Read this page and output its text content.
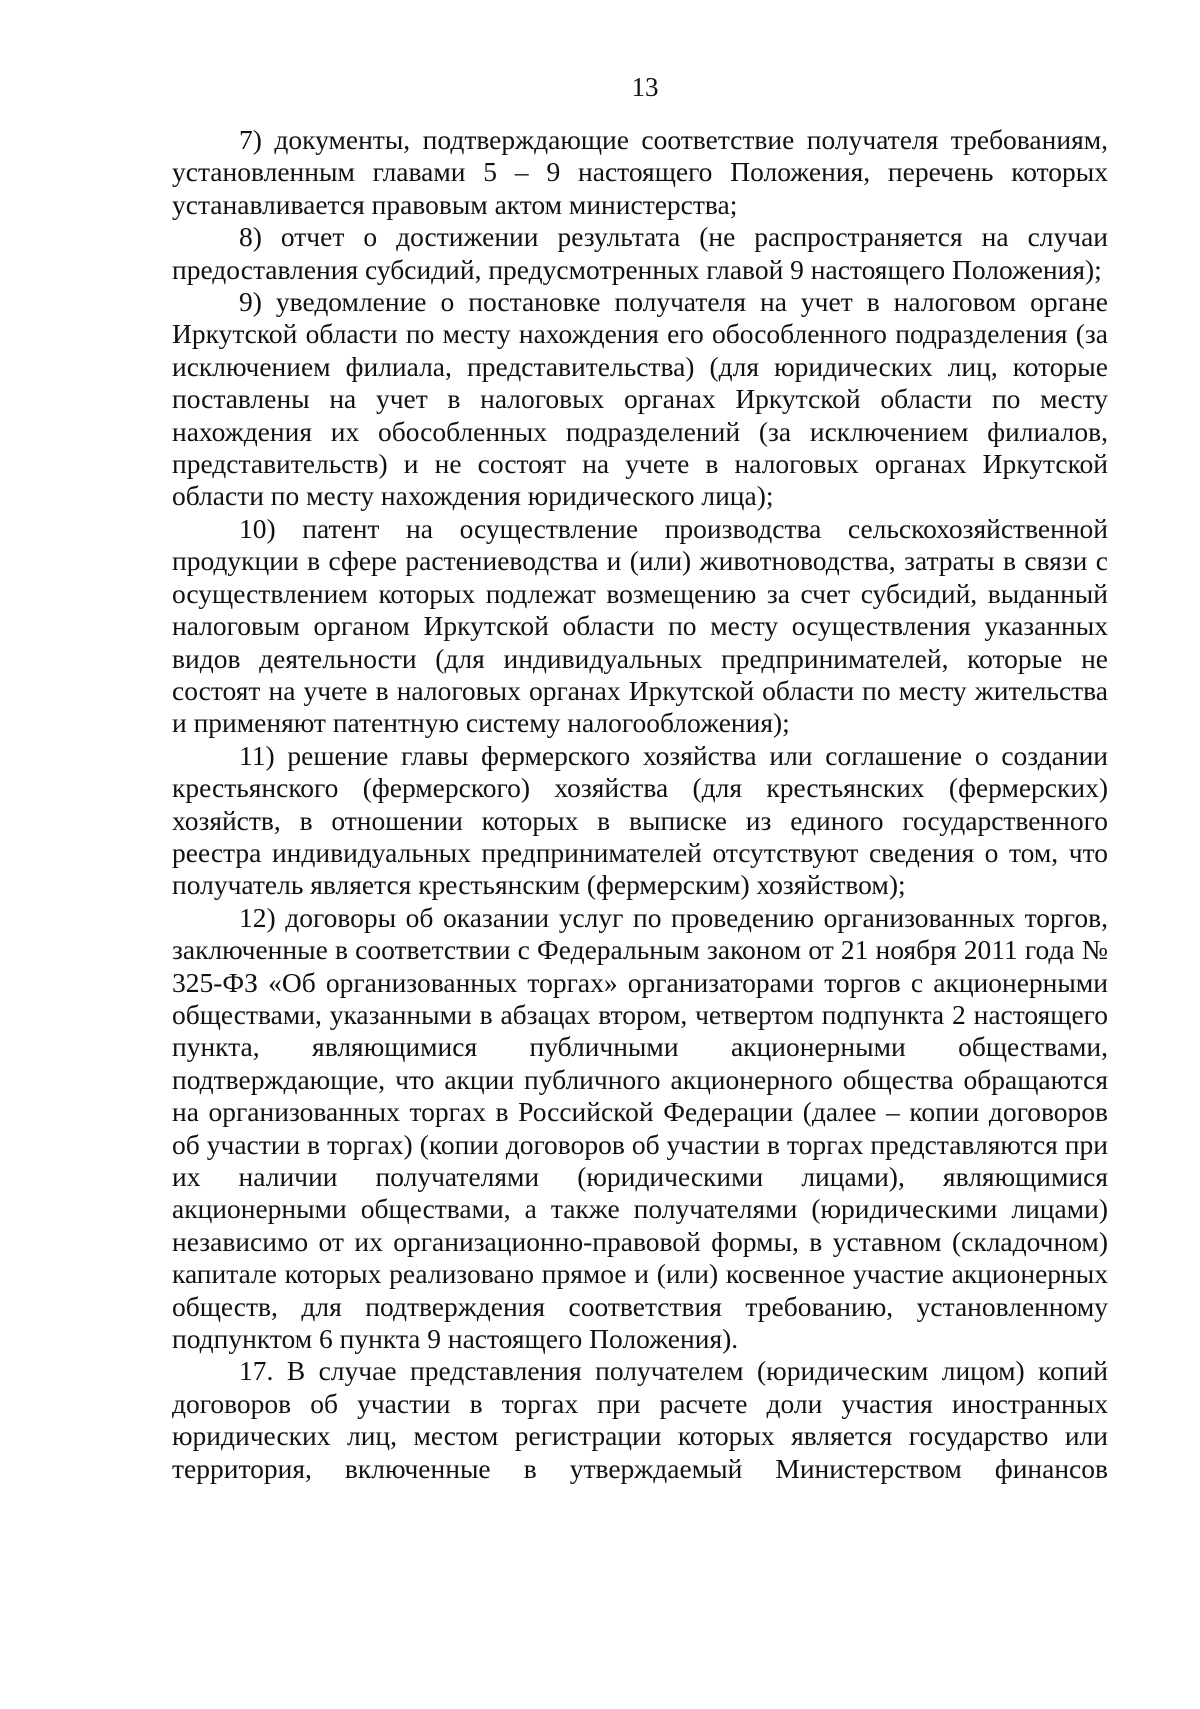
13

7) документы, подтверждающие соответствие получателя требованиям, установленным главами 5 – 9 настоящего Положения, перечень которых устанавливается правовым актом министерства;

8) отчет о достижении результата (не распространяется на случаи предоставления субсидий, предусмотренных главой 9 настоящего Положения);

9) уведомление о постановке получателя на учет в налоговом органе Иркутской области по месту нахождения его обособленного подразделения (за исключением филиала, представительства) (для юридических лиц, которые поставлены на учет в налоговых органах Иркутской области по месту нахождения их обособленных подразделений (за исключением филиалов, представительств) и не состоят на учете в налоговых органах Иркутской области по месту нахождения юридического лица);

10) патент на осуществление производства сельскохозяйственной продукции в сфере растениеводства и (или) животноводства, затраты в связи с осуществлением которых подлежат возмещению за счет субсидий, выданный налоговым органом Иркутской области по месту осуществления указанных видов деятельности (для индивидуальных предпринимателей, которые не состоят на учете в налоговых органах Иркутской области по месту жительства и применяют патентную систему налогообложения);

11) решение главы фермерского хозяйства или соглашение о создании крестьянского (фермерского) хозяйства (для крестьянских (фермерских) хозяйств, в отношении которых в выписке из единого государственного реестра индивидуальных предпринимателей отсутствуют сведения о том, что получатель является крестьянским (фермерским) хозяйством);

12) договоры об оказании услуг по проведению организованных торгов, заключенные в соответствии с Федеральным законом от 21 ноября 2011 года № 325-ФЗ «Об организованных торгах» организаторами торгов с акционерными обществами, указанными в абзацах втором, четвертом подпункта 2 настоящего пункта, являющимися публичными акционерными обществами, подтверждающие, что акции публичного акционерного общества обращаются на организованных торгах в Российской Федерации (далее – копии договоров об участии в торгах) (копии договоров об участии в торгах представляются при их наличии получателями (юридическими лицами), являющимися акционерными обществами, а также получателями (юридическими лицами) независимо от их организационно-правовой формы, в уставном (складочном) капитале которых реализовано прямое и (или) косвенное участие акционерных обществ, для подтверждения соответствия требованию, установленному подпунктом 6 пункта 9 настоящего Положения).

17. В случае представления получателем (юридическим лицом) копий договоров об участии в торгах при расчете доли участия иностранных юридических лиц, местом регистрации которых является государство или территория, включенные в утверждаемый Министерством финансов
